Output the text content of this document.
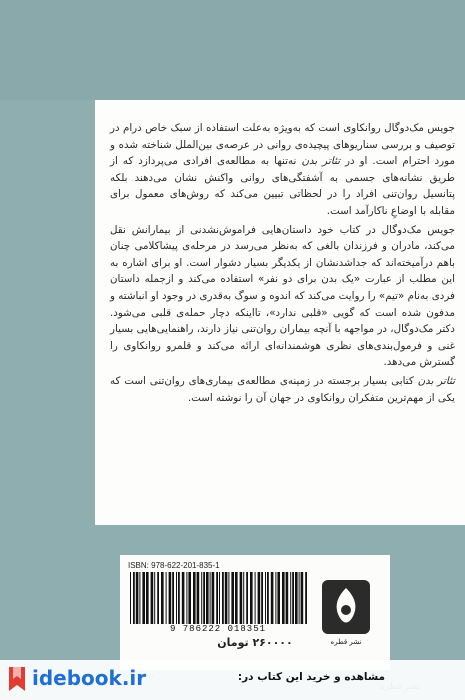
جویس مک‌دوگال روانکاوی است که به‌ویژه به‌علت استفاده از سبک خاص درام در توصیف و بررسی سناریوهای پیچیده‌ی روانی در عرصه‌ی بین‌الملل شناخته شده و مورد احترام است. او در تئاتر بدن نه‌تنها به مطالعه‌ی افرادی می‌پردازد که از طریق نشانه‌های جسمی به آشفتگی‌های روانی واکنش نشان می‌دهند بلکه پتانسیل روان‌تنی افراد را در لحظاتی تبیین می‌کند که روش‌های معمول برای مقابله با اوضاعِ ناکارآمد است.

جویس مک‌دوگال در کتاب خود داستان‌هایی فراموش‌نشدنی از بیمارانش نقل می‌کند، مادران و فرزندان بالغی که به‌نظر می‌رسد در مرحله‌ی پیشاکلامی چنان باهم درآمیخته‌اند که جداشدنشان از یکدیگر بسیار دشوار است. او برای اشاره به این مطلب از عبارت «یک بدن برای دو نفر» استفاده می‌کند و ازجمله داستان فردی به‌نام «تیم» را روایت می‌کند که اندوه و سوگ به‌قدری در وجود او انباشته و مدفون شده است که گویی «قلبی ندارد»، تااینکه دچار حمله‌ی قلبی می‌شود. دکتر مک‌دوگال، در مواجهه با آنچه بیماران روان‌تنی نیاز دارند، راهنمایی‌هایی بسیار غنی و فرمول‌بندی‌های نظری هوشمندانه‌ای ارائه می‌کند و قلمرو روانکاوی را گسترش می‌دهد.

تئاتر بدن کتابی بسیار برجسته در زمینه‌ی مطالعه‌ی بیماری‌های روان‌تنی است که یکی از مهم‌ترین متفکران روانکاوی در جهان آن را نوشته است.

ISBN: 978-622-201-835-1
9 786222 018351
۲۶۰۰۰۰ تومان	نشر قطره
idebook.ir	مشاهده و خرید این کتاب در:
